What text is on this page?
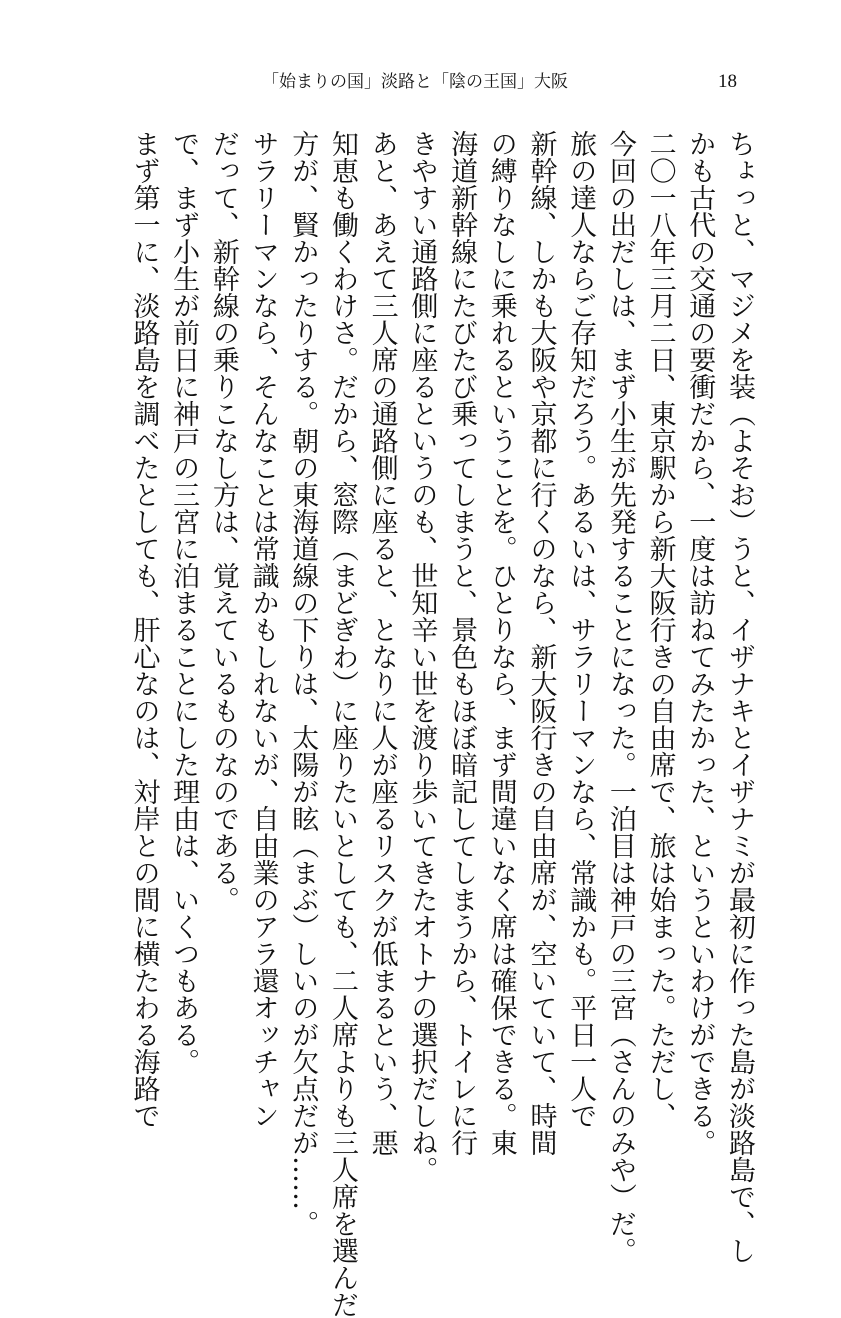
「始まりの国」淡路と「陰の王国」大阪	18
ちょっと、マジメを装（よそお）うと、イザナキとイザナミが最初に作った島が淡路島で、し
かも古代の交通の要衝だから、一度は訪ねてみたかった、というといわけができる。
二〇一八年三月二日、東京駅から新大阪行きの自由席で、旅は始まった。ただし、
今回の出だしは、まず小生が先発することになった。一泊目は神戸の三宮（さんのみや）だ。
旅の達人ならご存知だろう。あるいは、サラリーマンなら、常識かも。平日一人で
新幹線、しかも大阪や京都に行くのなら、新大阪行きの自由席が、空いていて、時間
の縛りなしに乗れるということを。ひとりなら、まず間違いなく席は確保できる。東
海道新幹線にたびたび乗ってしまうと、景色もほぼ暗記してしまうから、トイレに行
きやすい通路側に座るというのも、世知辛い世を渡り歩いてきたオトナの選択だしね。
あと、あえて三人席の通路側に座ると、となりに人が座るリスクが低まるという、悪
知恵も働くわけさ。だから、窓際（まどぎわ）に座りたいとしても、二人席よりも三人席を選んだ
方が、賢かったりする。朝の東海道線の下りは、太陽が眩（まぶ）しいのが欠点だが……。
サラリーマンなら、そんなことは常識かもしれないが、自由業のアラ還オッチャン
だって、新幹線の乗りこなし方は、覚えているものなのである。
で、まず小生が前日に神戸の三宮に泊まることにした理由は、いくつもある。
まず第一に、淡路島を調べたとしても、肝心なのは、対岸との間に横たわる海路で
